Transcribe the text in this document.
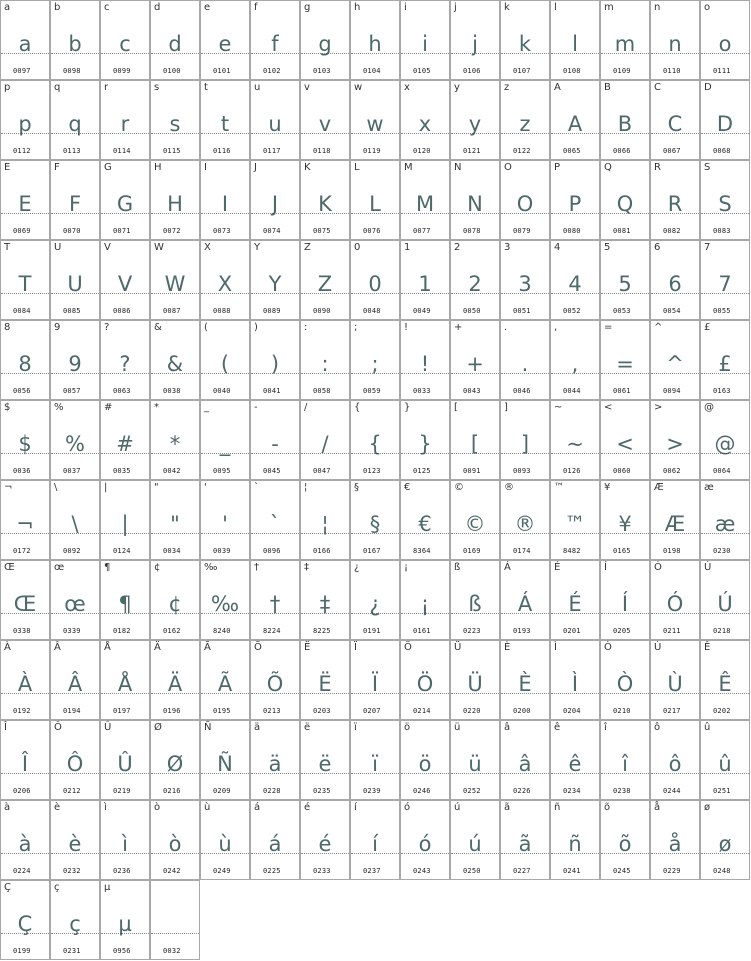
a
a
0097
b
b
0098
c
c
0099
d
d
0100
e
e
0101
f
f
0102
g
g
0103
h
h
0104
i
i
0105
j
j
0106
k
k
0107
l
l
0108
m
m
0109
n
n
0110
o
o
0111
p
p
0112
q
q
0113
r
r
0114
s
s
0115
t
t
0116
u
u
0117
v
v
0118
w
w
0119
x
x
0120
y
y
0121
z
z
0122
A
A
0065
B
B
0066
C
C
0067
D
D
0068
E
E
0069
F
F
0070
G
G
0071
H
H
0072
I
I
0073
J
J
0074
K
K
0075
L
L
0076
M
M
0077
N
N
0078
O
O
0079
P
P
0080
Q
Q
0081
R
R
0082
S
S
0083
T
T
0084
U
U
0085
V
V
0086
W
W
0087
X
X
0088
Y
Y
0089
Z
Z
0090
0
0
0048
1
1
0049
2
2
0050
3
3
0051
4
4
0052
5
5
0053
6
6
0054
7
7
0055
8
8
0056
9
9
0057
?
?
0063
&
&
0038
(
(
0040
)
)
0041
:
:
0058
;
;
0059
!
!
0033
+
+
0043
.
.
0046
,
,
0044
=
=
0061
^
^
0094
£
£
0163
$
$
0036
%
%
0037
#
#
0035
*
*
0042
_
_
0095
-
-
0045
/
/
0047
{
{
0123
}
}
0125
[
[
0091
]
]
0093
~
~
0126
<
<
0060
>
>
0062
@
@
0064
¬
¬
0172
\
\
0092
|
|
0124
"
"
0034
'
'
0039
`
`
0096
¦
¦
0166
§
§
0167
€
€
8364
©
©
0169
®
®
0174
™
™
8482
¥
¥
0165
Æ
Æ
0198
æ
æ
0230
Œ
Œ
0338
œ
œ
0339
¶
¶
0182
¢
¢
0162
‰
‰
8240
†
†
8224
‡
‡
8225
¿
¿
0191
¡
¡
0161
ß
ß
0223
Á
Á
0193
É
É
0201
Í
Í
0205
Ó
Ó
0211
Ú
Ú
0218
À
À
0192
Â
Â
0194
Å
Å
0197
Ä
Ä
0196
Ã
Ã
0195
Õ
Õ
0213
Ë
Ë
0203
Ï
Ï
0207
Ö
Ö
0214
Ü
Ü
0220
È
È
0200
Ì
Ì
0204
Ò
Ò
0210
Ù
Ù
0217
Ê
Ê
0202
Î
Î
0206
Ô
Ô
0212
Û
Û
0219
Ø
Ø
0216
Ñ
Ñ
0209
ä
ä
0228
ë
ë
0235
ï
ï
0239
ö
ö
0246
ü
ü
0252
â
â
0226
ê
ê
0234
î
î
0238
ô
ô
0244
û
û
0251
à
à
0224
è
è
0232
ì
ì
0236
ò
ò
0242
ù
ù
0249
á
á
0225
é
é
0233
í
í
0237
ó
ó
0243
ú
ú
0250
ã
ã
0227
ñ
ñ
0241
õ
õ
0245
å
å
0229
ø
ø
0248
Ç
Ç
0199
ç
ç
0231
µ
µ
0956

	0032
